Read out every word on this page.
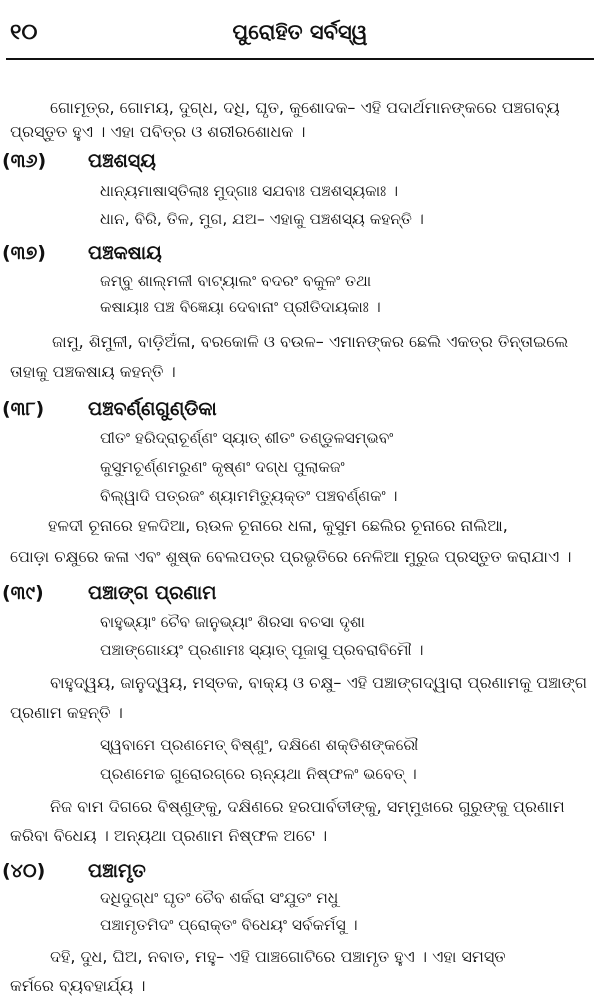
୧୦	ପୁରୋହିତ ସର୍ବସ୍ୱ
ଗୋମୂତ୍ର, ଗୋମୟ, ଦୁଗ୍ଧ, ଦଧି, ଘୃତ, କୁଶୋଦକ– ଏହି ପଦାର୍ଥମାନଙ୍କରେ ପଞ୍ଚଗବ୍ୟ
ପ୍ରସ୍ତୁତ ହୁଏ । ଏହା ପବିତ୍ର ଓ ଶରୀରଶୋଧକ ।
(୩୬) ପଞ୍ଚଶସ୍ୟ
ଧାନ୍ୟମାଷାସ୍ତିଲାଃ ମୁଦ୍ଗାଃ ସଯବାଃ ପଞ୍ଚଶସ୍ୟକାଃ ।
ଧାନ, ବିରି, ତିଳ, ମୁଗ, ଯଅ– ଏହାକୁ ପଞ୍ଚଶସ୍ୟ କହନ୍ତି ।
(୩୭) ପଞ୍ଚକଷାୟ
ଜମ୍ବୁ ଶାଲ୍ମଳୀ ବାଟ୍ୟାଲଂ ବଦରଂ ବକୁଳଂ ତଥା
କଷାୟାଃ ପଞ୍ଚ ବିଜ୍ଞେୟା ଦେବାନାଂ ପ୍ରୀତିଦାୟକାଃ ।
ଜାମୁ, ଶିମୁଳୀ, ବାଡ଼ିଅଁଳା, ବରକୋଳି ଓ ବଉଳ– ଏମାନଙ୍କର ଛେଲି ଏକତ୍ର ତିନ୍ତାଇଲେ
ତାହାକୁ ପଞ୍ଚକଷାୟ କହନ୍ତି ।
(୩୮) ପଞ୍ଚବର୍ଣ୍ଣଗୁଣ୍ଡିକା
ପୀତଂ ହରିଦ୍ରାଚୂର୍ଣ୍ଣଂ ସ୍ୟାତ୍ ଶୀତଂ ତଣ୍ଡୁଳସମ୍ଭବଂ
କୁସୁମଚୂର୍ଣ୍ଣମରୁଣଂ କୃଷ୍ଣଂ ଦଗ୍ଧ ପୁଲାକଜଂ
ବିଲ୍ୱାଦି ପତ୍ରଜଂ ଶ୍ୟାମମିତ୍ୟୁକ୍ତଂ ପଞ୍ଚବର୍ଣ୍ଣକଂ ।
ହଳଦୀ ଚୂନାରେ ହଳଦିଆ, ଋଉଳ ଚୂନାରେ ଧଳା, କୁସୁମ ଛେଲିର ଚୂନାରେ ନାଲିଆ,
ପୋଡ଼ା ଚକ୍ଷୁରେ କଳା ଏବଂ ଶୁଷ୍କ ବେଲପତ୍ର ପ୍ରଭୃତିରେ ନେଳିଆ ମୁରୁଜ ପ୍ରସ୍ତୁତ କରାଯାଏ ।
(୩୯) ପଞ୍ଚାଙ୍ଗ ପ୍ରଣାମ
ବାହୁଭ୍ୟାଂ ଚୈବ ଜାନୁଭ୍ୟାଂ ଶିରସା ବଚସା ଦୃଶା
ପଞ୍ଚାଙ୍ଗୋଽୟଂ ପ୍ରଣାମଃ ସ୍ୟାତ୍ ପୂଜାସୁ ପ୍ରବରାବିମୌ ।
ବାହୁଦ୍ୱୟ, ଜାନୁଦ୍ୱୟ, ମସ୍ତକ, ବାକ୍ୟ ଓ ଚକ୍ଷୁ– ଏହି ପଞ୍ଚାଙ୍ଗଦ୍ୱାରା ପ୍ରଣାମକୁ ପଞ୍ଚାଙ୍ଗ
ପ୍ରଣାମ କହନ୍ତି ।
ସ୍ୱବାମେ ପ୍ରଣମେତ୍ ବିଷ୍ଣୁଂ, ଦକ୍ଷିଣେ ଶକ୍ତିଶଙ୍କରୌ
ପ୍ରଣମେଚ୍ଚ ଗୁରୋରଗ୍ରେ ଋନ୍ୟଥା ନିଷ୍ଫଳଂ ଭବେତ୍ ।
ନିଜ ବାମ ଦିଗରେ ବିଷ୍ଣୁଙ୍କୁ, ଦକ୍ଷିଣରେ ହରପାର୍ବତୀଙ୍କୁ, ସମ୍ମୁଖରେ ଗୁରୁଙ୍କୁ ପ୍ରଣାମ
କରିବା ବିଧେୟ । ଅନ୍ୟଥା ପ୍ରଣାମ ନିଷ୍ଫଳ ଅଟେ ।
(୪୦) ପଞ୍ଚାମୃତ
ଦଧିଦୁଗ୍ଧଂ ଘୃତଂ ଚୈବ ଶର୍କରା ସଂଯୁତଂ ମଧୁ
ପଞ୍ଚାମୃତମିଦଂ ପ୍ରୋକ୍ତଂ ବିଧେୟଂ ସର୍ବକର୍ମସୁ ।
ଦହି, ଦୁଧ, ଘିଅ, ନବାତ, ମହୁ– ଏହି ପାଞ୍ଚଗୋଟିରେ ପଞ୍ଚାମୃତ ହୁଏ । ଏହା ସମସ୍ତ
କର୍ମରେ ବ୍ୟବହାର୍ଯ୍ୟ ।
